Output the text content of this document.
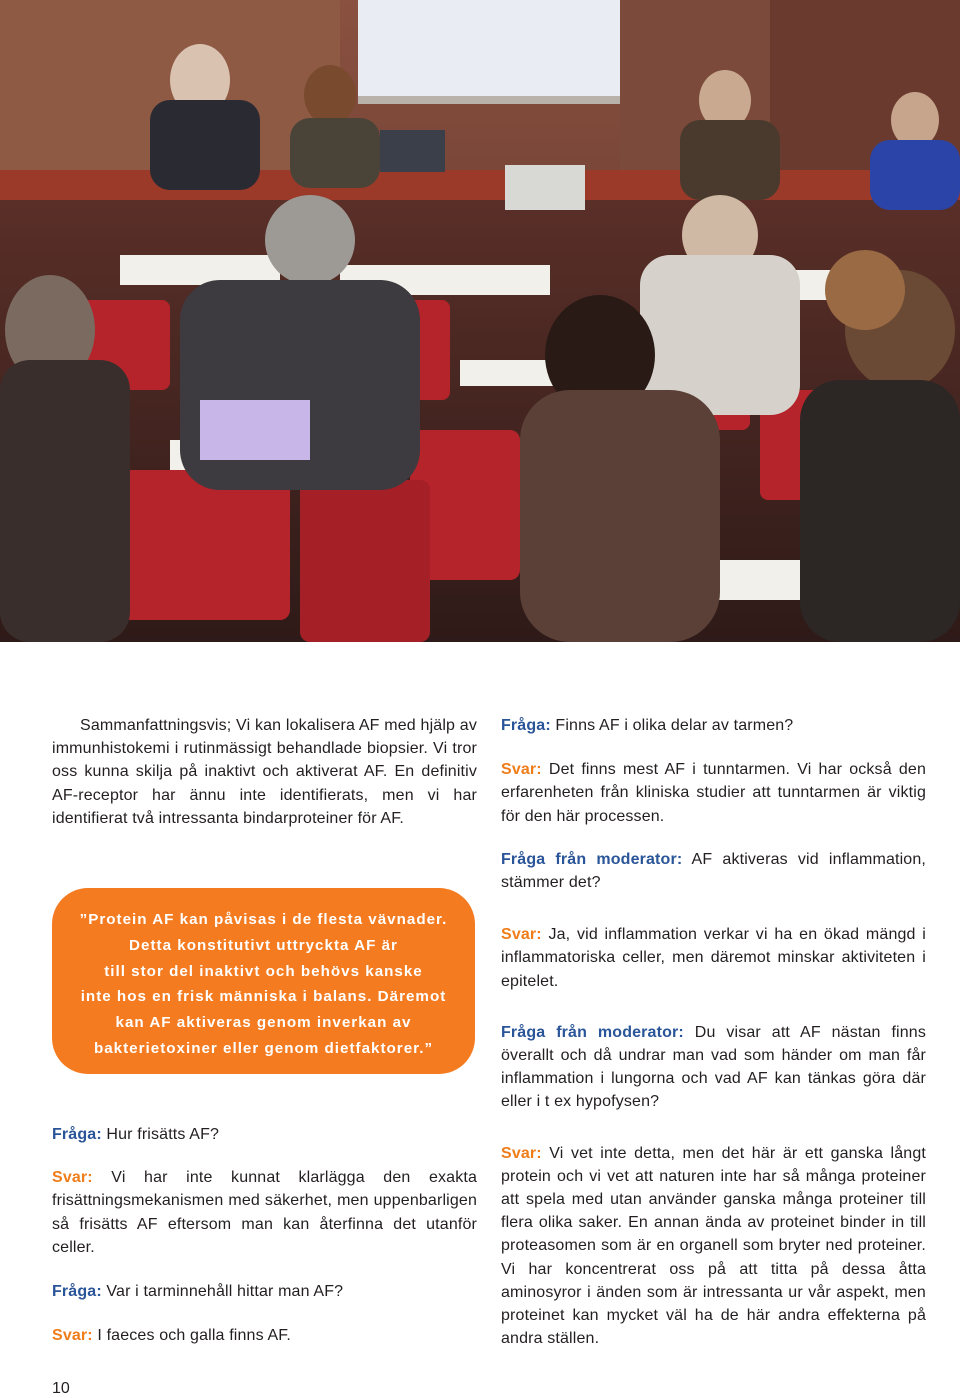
Sammanfattningsvis; Vi kan lokalisera AF med hjälp av immunhistokemi i rutinmässigt behandlade biopsier. Vi tror oss kunna skilja på inaktivt och aktiverat AF. En definitiv AF-receptor har ännu inte identifierats, men vi har identifierat två intressanta bindarproteiner för AF.

”Protein AF kan påvisas i de flesta vävnader.
Detta konstitutivt uttryckta AF är
till stor del inaktivt och behövs kanske
inte hos en frisk människa i balans. Däremot
kan AF aktiveras genom inverkan av
bakterietoxiner eller genom dietfaktorer.”

Fråga: Hur frisätts AF?

Svar: Vi har inte kunnat klarlägga den exakta frisättningsmekanismen med säkerhet, men uppenbarligen så frisätts AF eftersom man kan återfinna det utanför celler.

Fråga: Var i tarminnehåll hittar man AF?

Svar: I faeces och galla finns AF.

Fråga: Finns AF i olika delar av tarmen?

Svar: Det finns mest AF i tunntarmen. Vi har också den erfarenheten från kliniska studier att tunntarmen är viktig för den här processen.

Fråga från moderator: AF aktiveras vid inflammation, stämmer det?

Svar: Ja, vid inflammation verkar vi ha en ökad mängd i inflammatoriska celler, men däremot minskar aktiviteten i epitelet.

Fråga från moderator: Du visar att AF nästan finns överallt och då undrar man vad som händer om man får inflammation i lungorna och vad AF kan tänkas göra där eller i t ex hypofysen?

Svar: Vi vet inte detta, men det här är ett ganska långt protein och vi vet att naturen inte har så många proteiner att spela med utan använder ganska många proteiner till flera olika saker. En annan ända av proteinet binder in till proteasomen som är en organell som bryter ned proteiner. Vi har koncentrerat oss på att titta på dessa åtta aminosyror i änden som är intressanta ur vår aspekt, men proteinet kan mycket väl ha de här andra effekterna på andra ställen.

10
